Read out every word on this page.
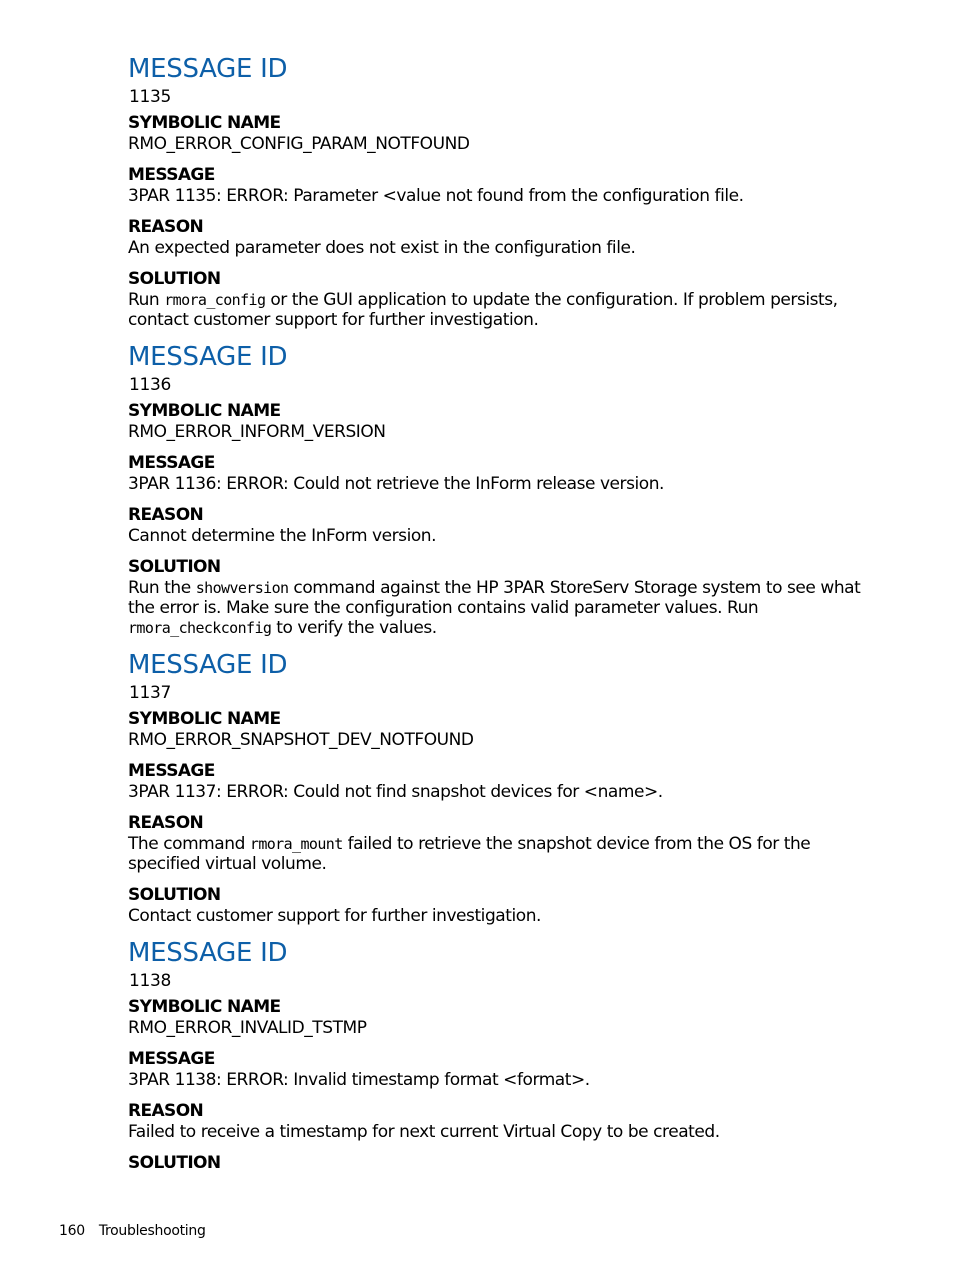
MESSAGE ID

1135

SYMBOLIC NAME

RMO_ERROR_CONFIG_PARAM_NOTFOUND

MESSAGE

3PAR 1135: ERROR: Parameter <value not found from the configuration file.

REASON

An expected parameter does not exist in the configuration file.

SOLUTION

Run rmora_config or the GUI application to update the configuration. If problem persists, contact customer support for further investigation.

MESSAGE ID

1136

SYMBOLIC NAME

RMO_ERROR_INFORM_VERSION

MESSAGE

3PAR 1136: ERROR: Could not retrieve the InForm release version.

REASON

Cannot determine the InForm version.

SOLUTION

Run the showversion command against the HP 3PAR StoreServ Storage system to see what the error is. Make sure the configuration contains valid parameter values. Run rmora_checkconfig to verify the values.

MESSAGE ID

1137

SYMBOLIC NAME

RMO_ERROR_SNAPSHOT_DEV_NOTFOUND

MESSAGE

3PAR 1137: ERROR: Could not find snapshot devices for <name>.

REASON

The command rmora_mount failed to retrieve the snapshot device from the OS for the specified virtual volume.

SOLUTION

Contact customer support for further investigation.

MESSAGE ID

1138

SYMBOLIC NAME

RMO_ERROR_INVALID_TSTMP

MESSAGE

3PAR 1138: ERROR: Invalid timestamp format <format>.

REASON

Failed to receive a timestamp for next current Virtual Copy to be created.

SOLUTION

160 Troubleshooting
